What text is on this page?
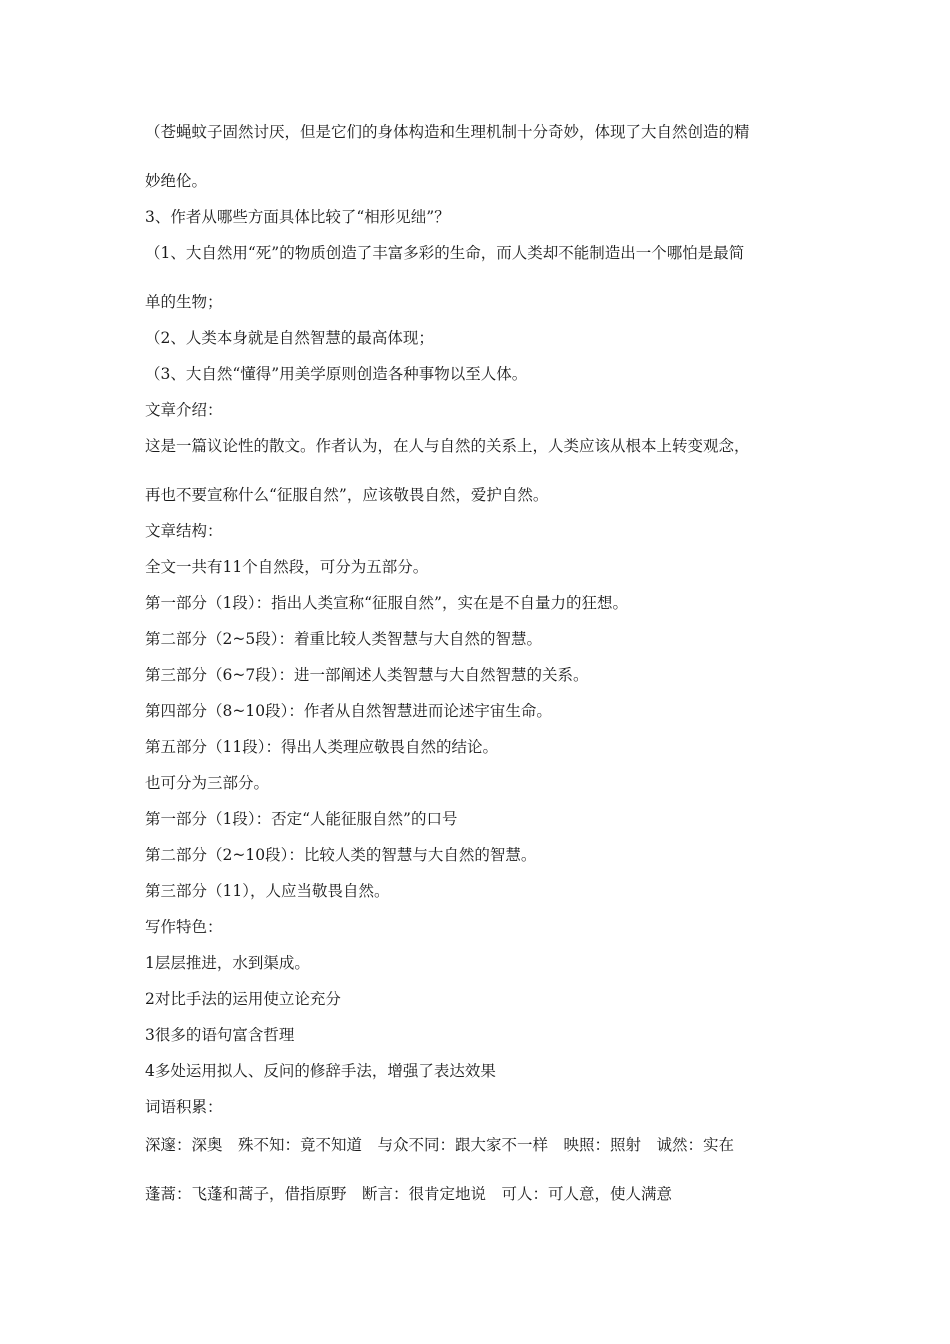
（苍蝇蚊子固然讨厌，但是它们的身体构造和生理机制十分奇妙，体现了大自然创造的精
妙绝伦。
3、作者从哪些方面具体比较了“相形见绌”？
（1、大自然用“死”的物质创造了丰富多彩的生命，而人类却不能制造出一个哪怕是最简
单的生物；
（2、人类本身就是自然智慧的最高体现；
（3、大自然“懂得”用美学原则创造各种事物以至人体。
文章介绍：
这是一篇议论性的散文。作者认为，在人与自然的关系上，人类应该从根本上转变观念，
再也不要宣称什么“征服自然”，应该敬畏自然，爱护自然。
文章结构：
全文一共有11个自然段，可分为五部分。
第一部分（1段）：指出人类宣称“征服自然”，实在是不自量力的狂想。
第二部分（2~5段）：着重比较人类智慧与大自然的智慧。
第三部分（6~7段）：进一部阐述人类智慧与大自然智慧的关系。
第四部分（8~10段）：作者从自然智慧进而论述宇宙生命。
第五部分（11段）：得出人类理应敬畏自然的结论。
也可分为三部分。
第一部分（1段）：否定“人能征服自然”的口号
第二部分（2~10段）：比较人类的智慧与大自然的智慧。
第三部分（11），人应当敬畏自然。
写作特色：
1层层推进，水到渠成。
2对比手法的运用使立论充分
3很多的语句富含哲理
4多处运用拟人、反问的修辞手法，增强了表达效果
词语积累：
深邃：深奥　殊不知：竟不知道　与众不同：跟大家不一样　映照：照射　诚然：实在
蓬蒿：飞蓬和蒿子，借指原野　断言：很肯定地说　可人：可人意，使人满意
